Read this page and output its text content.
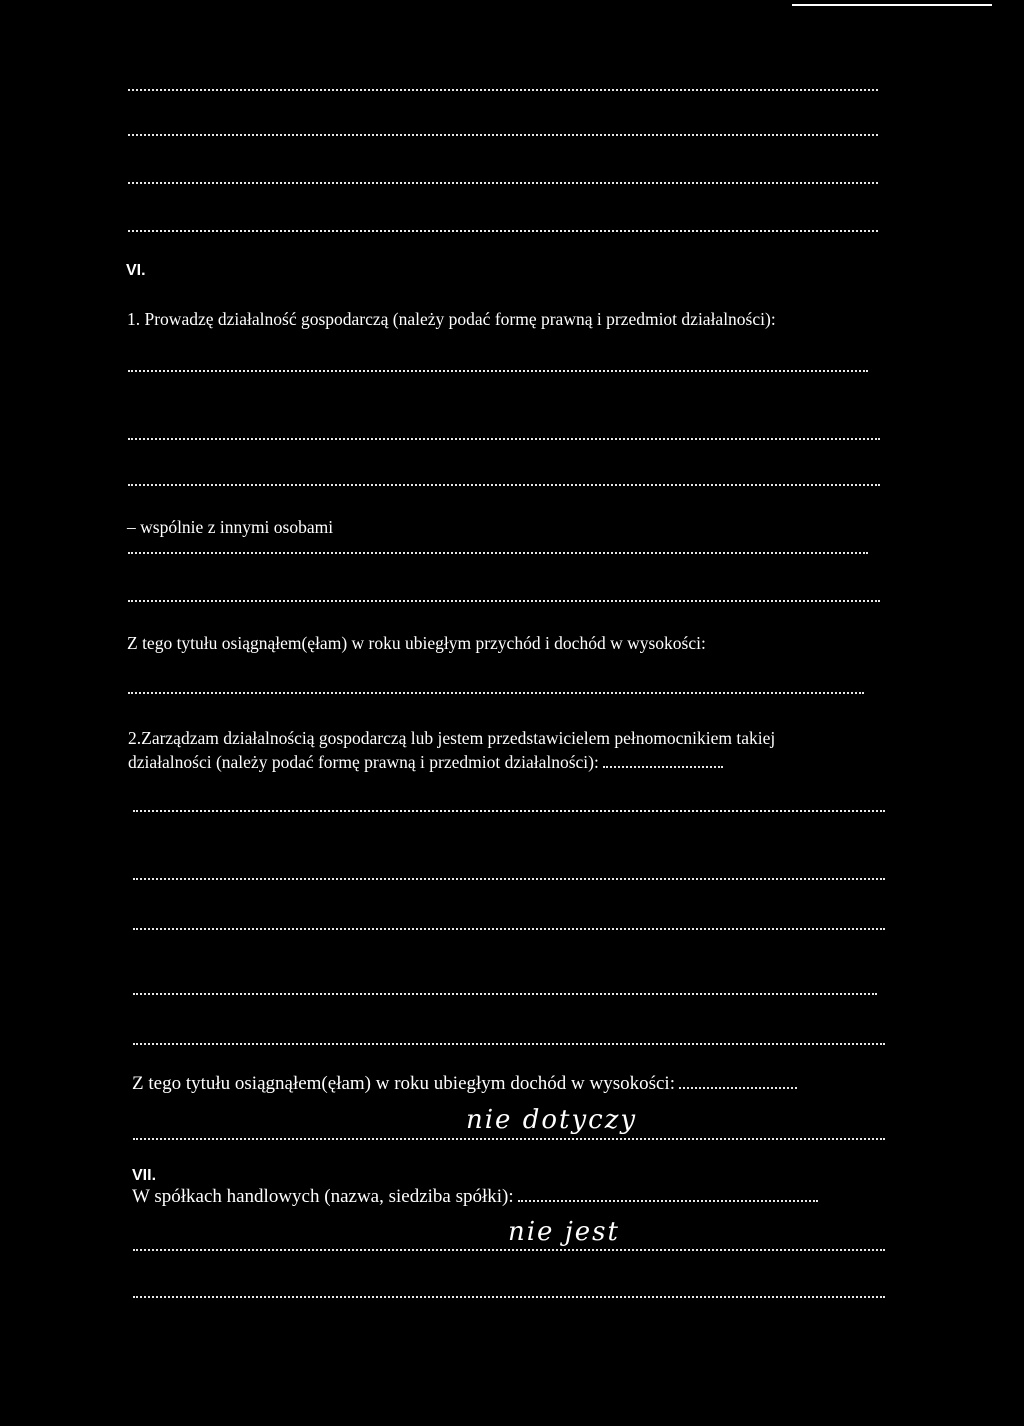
VI.
1. Prowadzę działalność gospodarczą (należy podać formę prawną i przedmiot działalności):
– wspólnie z innymi osobami
Z tego tytułu osiągnąłem(ęłam) w roku ubiegłym przychód i dochód w wysokości:
2.Zarządzam działalnością gospodarczą lub jestem przedstawicielem pełnomocnikiem takiej
działalności (należy podać formę prawną i przedmiot działalności):
Z tego tytułu osiągnąłem(ęłam) w roku ubiegłym dochód w wysokości:
nie dotyczy
VII.
W spółkach handlowych (nazwa, siedziba spółki):
nie jest
